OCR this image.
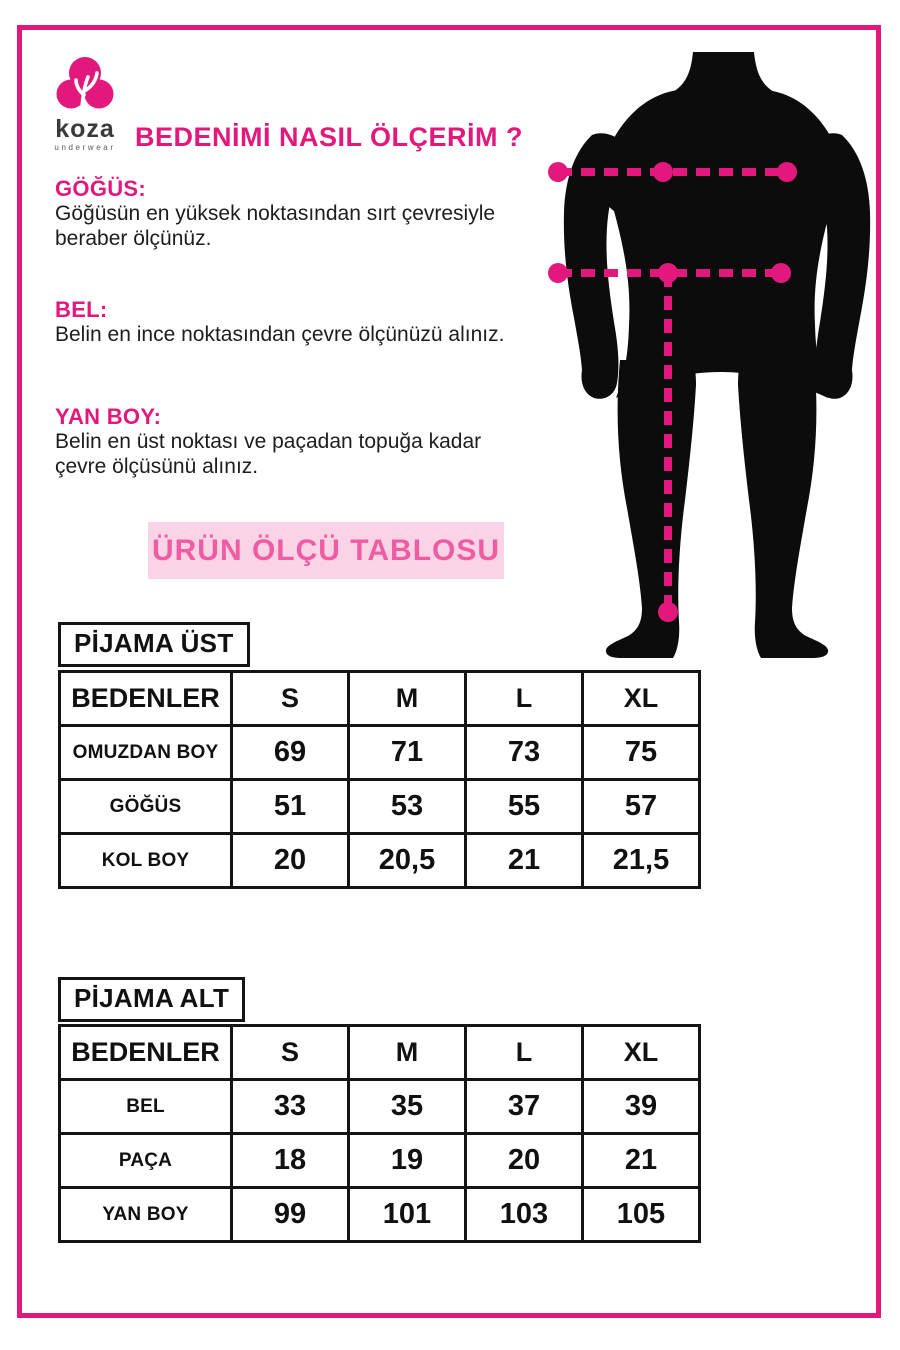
koza
underwear BEDENİMİ NASIL ÖLÇERİM ?
GÖĞÜS:
Göğüsün en yüksek noktasından sırt çevresiyle beraber ölçünüz.
BEL:
Belin en ince noktasından çevre ölçünüzü alınız.
YAN BOY:
Belin en üst noktası ve paçadan topuğa kadar çevre ölçüsünü alınız.
ÜRÜN ÖLÇÜ TABLOSU
PİJAMA ÜST
BEDENLER	S	M	L	XL

OMUZDAN BOY	69	71	73	75
GÖĞÜS	51	53	55	57
KOL BOY	20	20,5	21	21,5
PİJAMA ALT
BEDENLER	S	M	L	XL

BEL	33	35	37	39
PAÇA	18	19	20	21
YAN BOY	99	101	103	105
